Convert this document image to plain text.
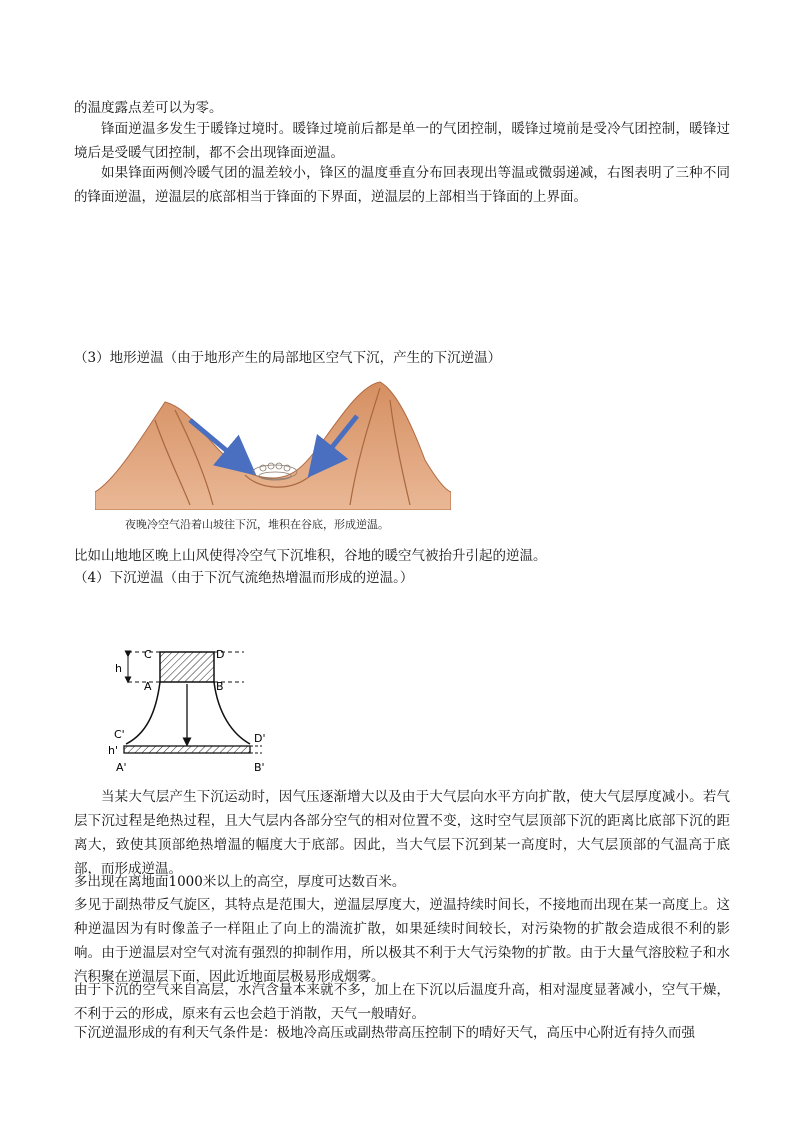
的温度露点差可以为零。

锋面逆温多发生于暖锋过境时。暖锋过境前后都是单一的气团控制，暖锋过境前是受冷气团控制，暖锋过境后是受暖气团控制，都不会出现锋面逆温。

如果锋面两侧冷暖气团的温差较小，锋区的温度垂直分布回表现出等温或微弱递减，右图表明了三种不同的锋面逆温，逆温层的底部相当于锋面的下界面，逆温层的上部相当于锋面的上界面。

（3）地形逆温（由于地形产生的局部地区空气下沉，产生的下沉逆温）

夜晚冷空气沿着山坡往下沉，堆积在谷底，形成逆温。

比如山地地区晚上山风使得冷空气下沉堆积，谷地的暖空气被抬升引起的逆温。

（4）下沉逆温（由于下沉气流绝热增温而形成的逆温。）

h
C	D
A	B
C'	D'
h'
A'	B'

当某大气层产生下沉运动时，因气压逐渐增大以及由于大气层向水平方向扩散，使大气层厚度减小。若气层下沉过程是绝热过程，且大气层内各部分空气的相对位置不变，这时空气层顶部下沉的距离比底部下沉的距离大，致使其顶部绝热增温的幅度大于底部。因此，当大气层下沉到某一高度时，大气层顶部的气温高于底部，而形成逆温。

多出现在离地面1000米以上的高空，厚度可达数百米。

多见于副热带反气旋区，其特点是范围大，逆温层厚度大，逆温持续时间长，不接地而出现在某一高度上。这种逆温因为有时像盖子一样阻止了向上的湍流扩散，如果延续时间较长，对污染物的扩散会造成很不利的影响。由于逆温层对空气对流有强烈的抑制作用，所以极其不利于大气污染物的扩散。由于大量气溶胶粒子和水汽积聚在逆温层下面，因此近地面层极易形成烟雾。

由于下沉的空气来自高层，水汽含量本来就不多，加上在下沉以后温度升高，相对湿度显著减小，空气干燥，不利于云的形成，原来有云也会趋于消散，天气一般晴好。

下沉逆温形成的有利天气条件是：极地冷高压或副热带高压控制下的晴好天气，高压中心附近有持久而强
